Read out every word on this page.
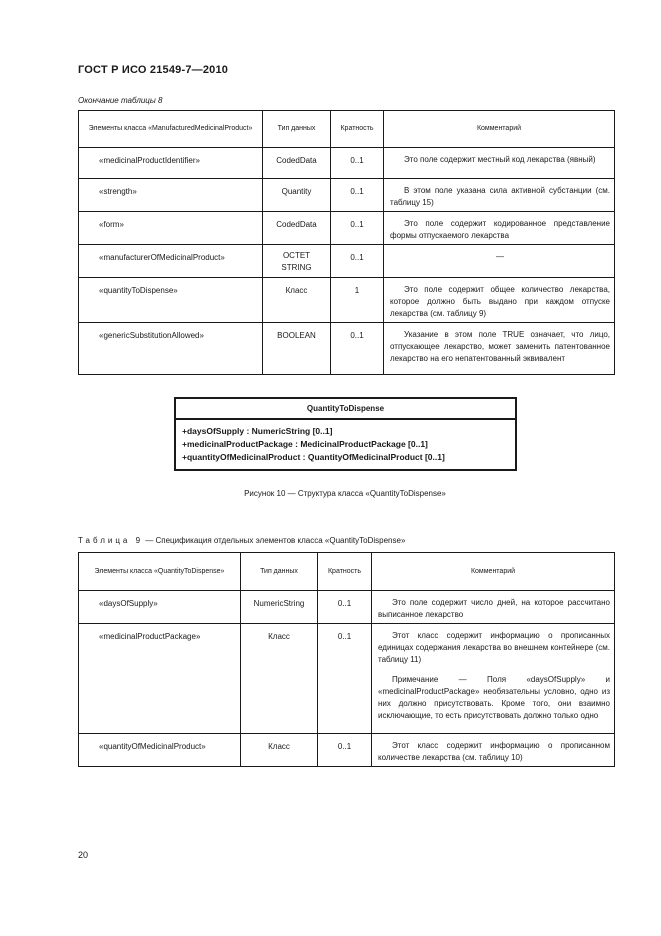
ГОСТ Р ИСО 21549-7—2010
Окончание таблицы 8
Элементы класса «ManufacturedMedicinalProduct»	Тип данных	Кратность	Комментарий
«medicinalProductIdentifier»	CodedData	0..1	Это поле содержит местный код лекарства (явный)

«strength»	Quantity	0..1	В этом поле указана сила активной субстанции (см. таблицу 15)

«form»	CodedData	0..1	Это поле содержит кодированное представление формы отпускаемого лекарства

«manufacturerOfMedicinalProduct»	OCTET STRING	0..1	—
«quantityToDispense»	Класс	1	Это поле содержит общее количество лекарства, которое должно быть выдано при каждом отпуске лекарства (см. таблицу 9)

«genericSubstitutionAllowed»	BOOLEAN	0..1	Указание в этом поле TRUE означает, что лицо, отпускающее лекарство, может заменить патентованное лекарство на его непатентованный эквивалент
QuantityToDispense
+daysOfSupply : NumericString [0..1]
+medicinalProductPackage : MedicinalProductPackage [0..1]
+quantityOfMedicinalProduct : QuantityOfMedicinalProduct [0..1]
Рисунок 10 — Структура класса «QuantityToDispense»
Таблица 9 — Спецификация отдельных элементов класса «QuantityToDispense»
Элементы класса «QuantityToDispense»	Тип данных	Кратность	Комментарий
«daysOfSupply»	NumericString	0..1	Это поле содержит число дней, на которое рассчитано выписанное лекарство

«medicinalProductPackage»	Класс	0..1	Этот класс содержит информацию о прописанных единицах содержания лекарства во внешнем контейнере (см. таблицу 11)

Примечание — Поля «daysOfSupply» и «medicinalProductPackage» необязательны условно, одно из них должно присутствовать. Кроме того, они взаимно исключающие, то есть присутствовать должно только одно

«quantityOfMedicinalProduct»	Класс	0..1	Этот класс содержит информацию о прописанном количестве лекарства (см. таблицу 10)
20
